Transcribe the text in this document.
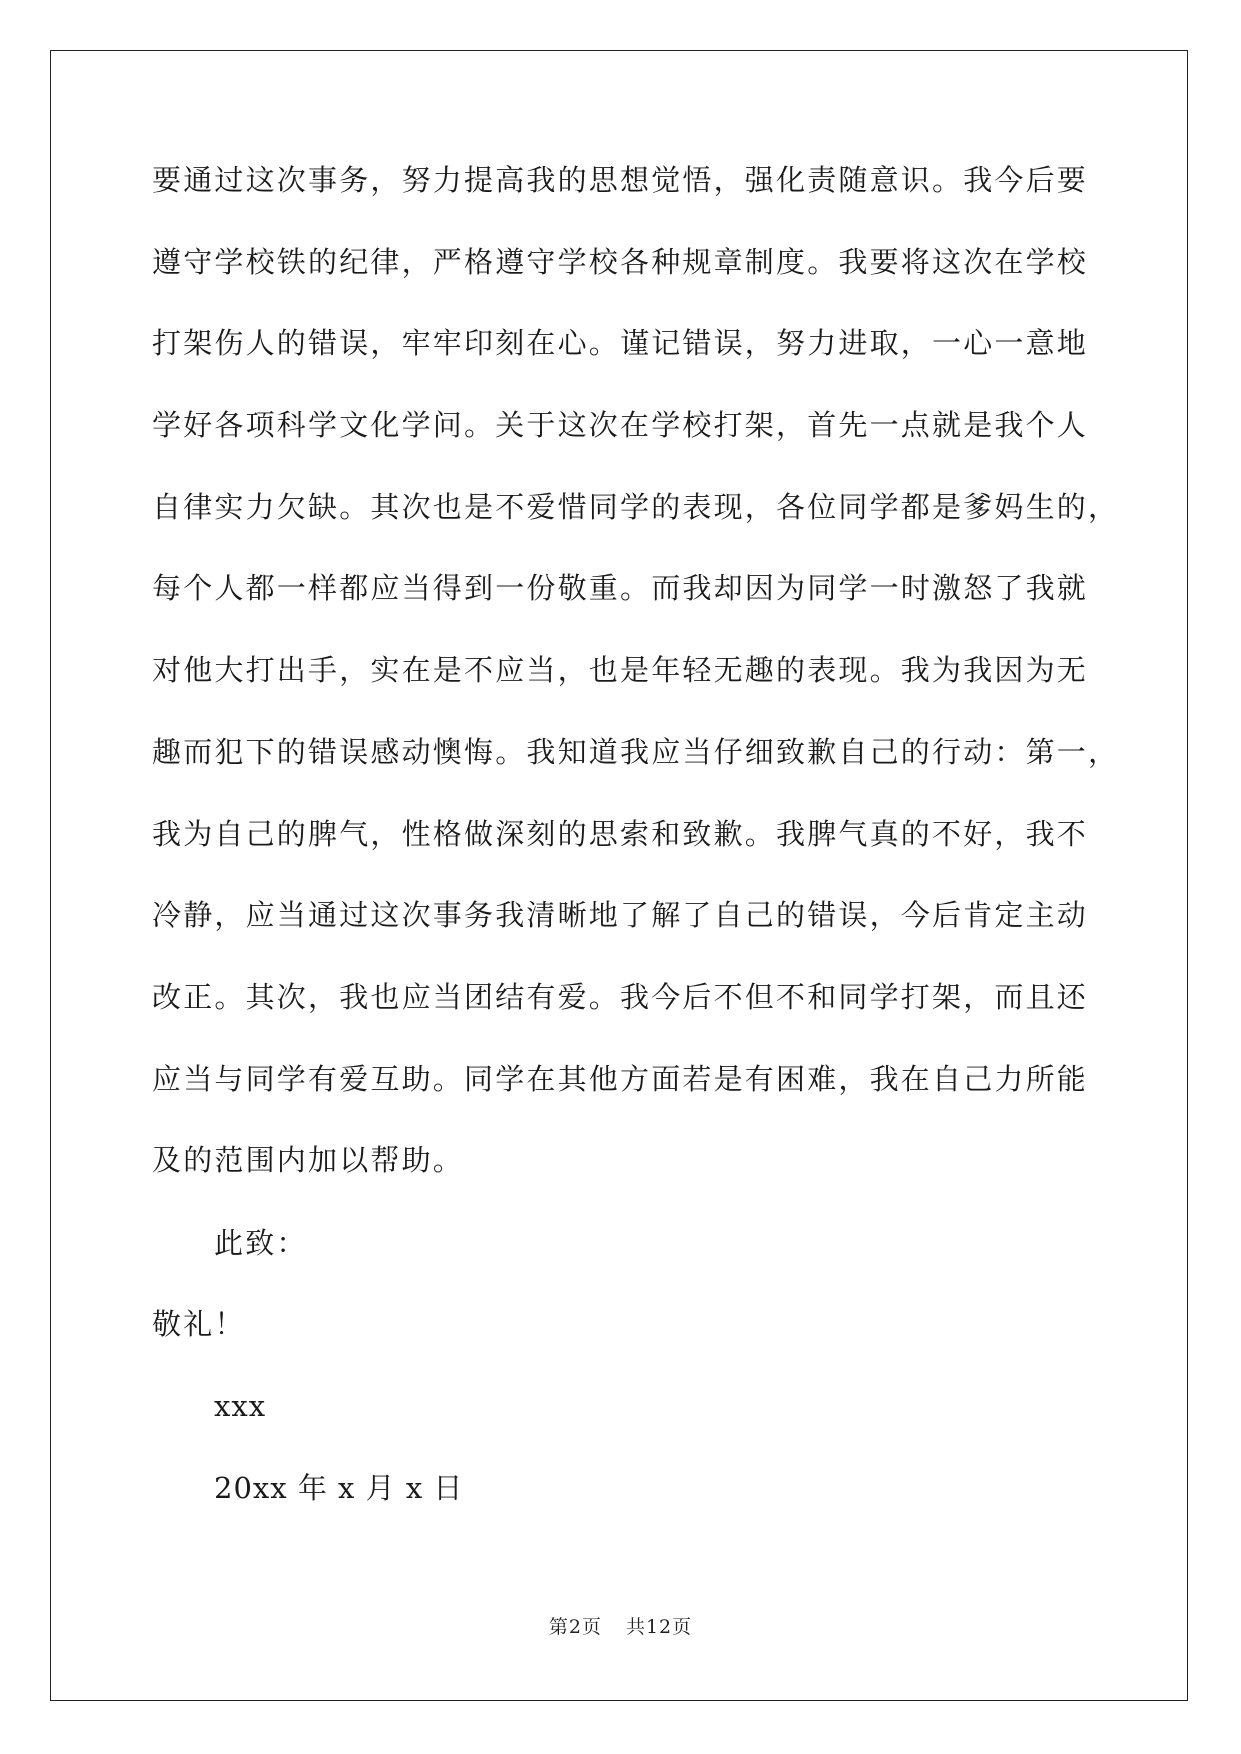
要通过这次事务，努力提高我的思想觉悟，强化责随意识。我今后要
遵守学校铁的纪律，严格遵守学校各种规章制度。我要将这次在学校
打架伤人的错误，牢牢印刻在心。谨记错误，努力进取，一心一意地
学好各项科学文化学问。关于这次在学校打架，首先一点就是我个人
自律实力欠缺。其次也是不爱惜同学的表现，各位同学都是爹妈生的，
每个人都一样都应当得到一份敬重。而我却因为同学一时激怒了我就
对他大打出手，实在是不应当，也是年轻无趣的表现。我为我因为无
趣而犯下的错误感动懊悔。我知道我应当仔细致歉自己的行动：第一，
我为自己的脾气，性格做深刻的思索和致歉。我脾气真的不好，我不
冷静，应当通过这次事务我清晰地了解了自己的错误，今后肯定主动
改正。其次，我也应当团结有爱。我今后不但不和同学打架，而且还
应当与同学有爱互助。同学在其他方面若是有困难，我在自己力所能
及的范围内加以帮助。
此致：
敬礼！
xxx
20xx 年 x 月 x 日
第2页 共12页
